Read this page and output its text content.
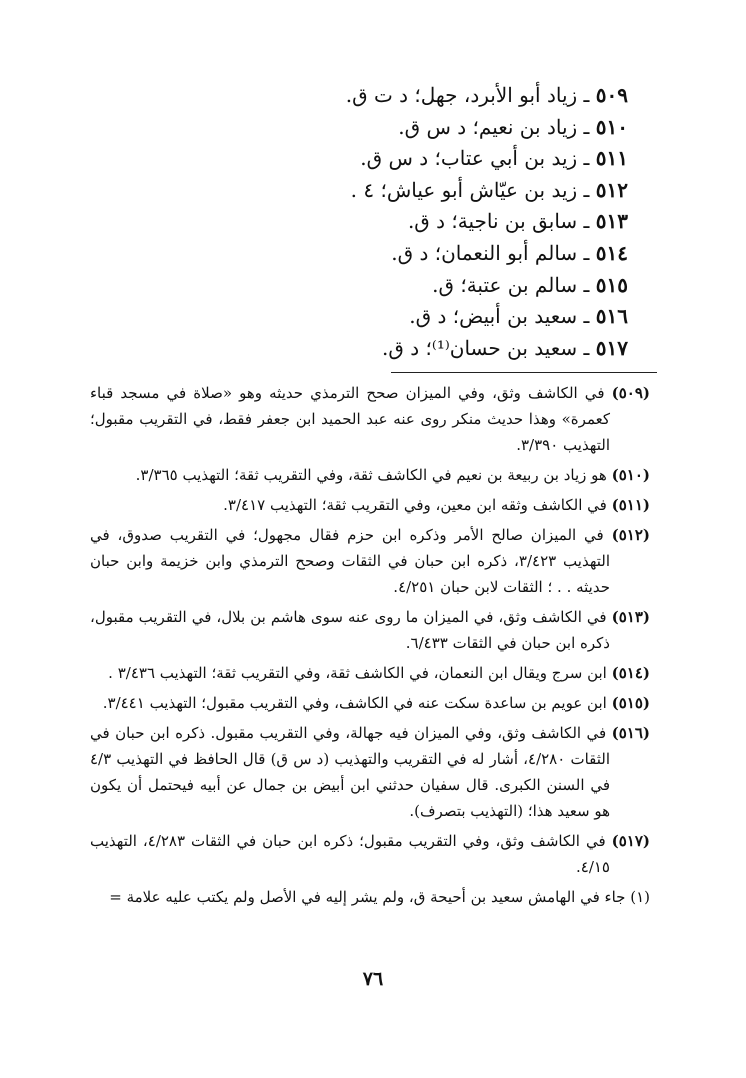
٥٠٩ ـ زياد أبو الأبرد، جهل؛ د ت ق.
٥١٠ ـ زياد بن نعيم؛ د س ق.
٥١١ ـ زيد بن أبي عتاب؛ د س ق.
٥١٢ ـ زيد بن عيّاش أبو عياش؛ ٤ .
٥١٣ ـ سابق بن ناجية؛ د ق.
٥١٤ ـ سالم أبو النعمان؛ د ق.
٥١٥ ـ سالم بن عتبة؛ ق.
٥١٦ ـ سعيد بن أبيض؛ د ق.
٥١٧ ـ سعيد بن حسان⁽¹⁾؛ د ق.
(٥٠٩) في الكاشف وثق، وفي الميزان صحح الترمذي حديثه وهو «صلاة في مسجد قباء كعمرة» وهذا حديث منكر روى عنه عبد الحميد ابن جعفر فقط، في التقريب مقبول؛ التهذيب ٣/٣٩٠.
(٥١٠) هو زياد بن ربيعة بن نعيم في الكاشف ثقة، وفي التقريب ثقة؛ التهذيب ٣/٣٦٥.
(٥١١) في الكاشف وثقه ابن معين، وفي التقريب ثقة؛ التهذيب ٣/٤١٧.
(٥١٢) في الميزان صالح الأمر وذكره ابن حزم فقال مجهول؛ في التقريب صدوق، في التهذيب ٣/٤٢٣، ذكره ابن حبان في الثقات وصحح الترمذي وابن خزيمة وابن حبان حديثه . . ؛ الثقات لابن حبان ٤/٢٥١.
(٥١٣) في الكاشف وثق، في الميزان ما روى عنه سوى هاشم بن بلال، في التقريب مقبول، ذكره ابن حبان في الثقات ٦/٤٣٣.
(٥١٤) ابن سرج ويقال ابن النعمان، في الكاشف ثقة، وفي التقريب ثقة؛ التهذيب ٣/٤٣٦ .
(٥١٥) ابن عويم بن ساعدة سكت عنه في الكاشف، وفي التقريب مقبول؛ التهذيب ٣/٤٤١.
(٥١٦) في الكاشف وثق، وفي الميزان فيه جهالة، وفي التقريب مقبول. ذكره ابن حبان في الثقات ٤/٢٨٠، أشار له في التقريب والتهذيب (د س ق) قال الحافظ في التهذيب ٤/٣ في السنن الكبرى. قال سفيان حدثني ابن أبيض بن جمال عن أبيه فيحتمل أن يكون هو سعيد هذا؛ (التهذيب بتصرف).
(٥١٧) في الكاشف وثق، وفي التقريب مقبول؛ ذكره ابن حبان في الثقات ٤/٢٨٣، التهذيب ٤/١٥.
(١) جاء في الهامش سعيد بن أحيحة ق، ولم يشر إليه في الأصل ولم يكتب عليه علامة =
٧٦
